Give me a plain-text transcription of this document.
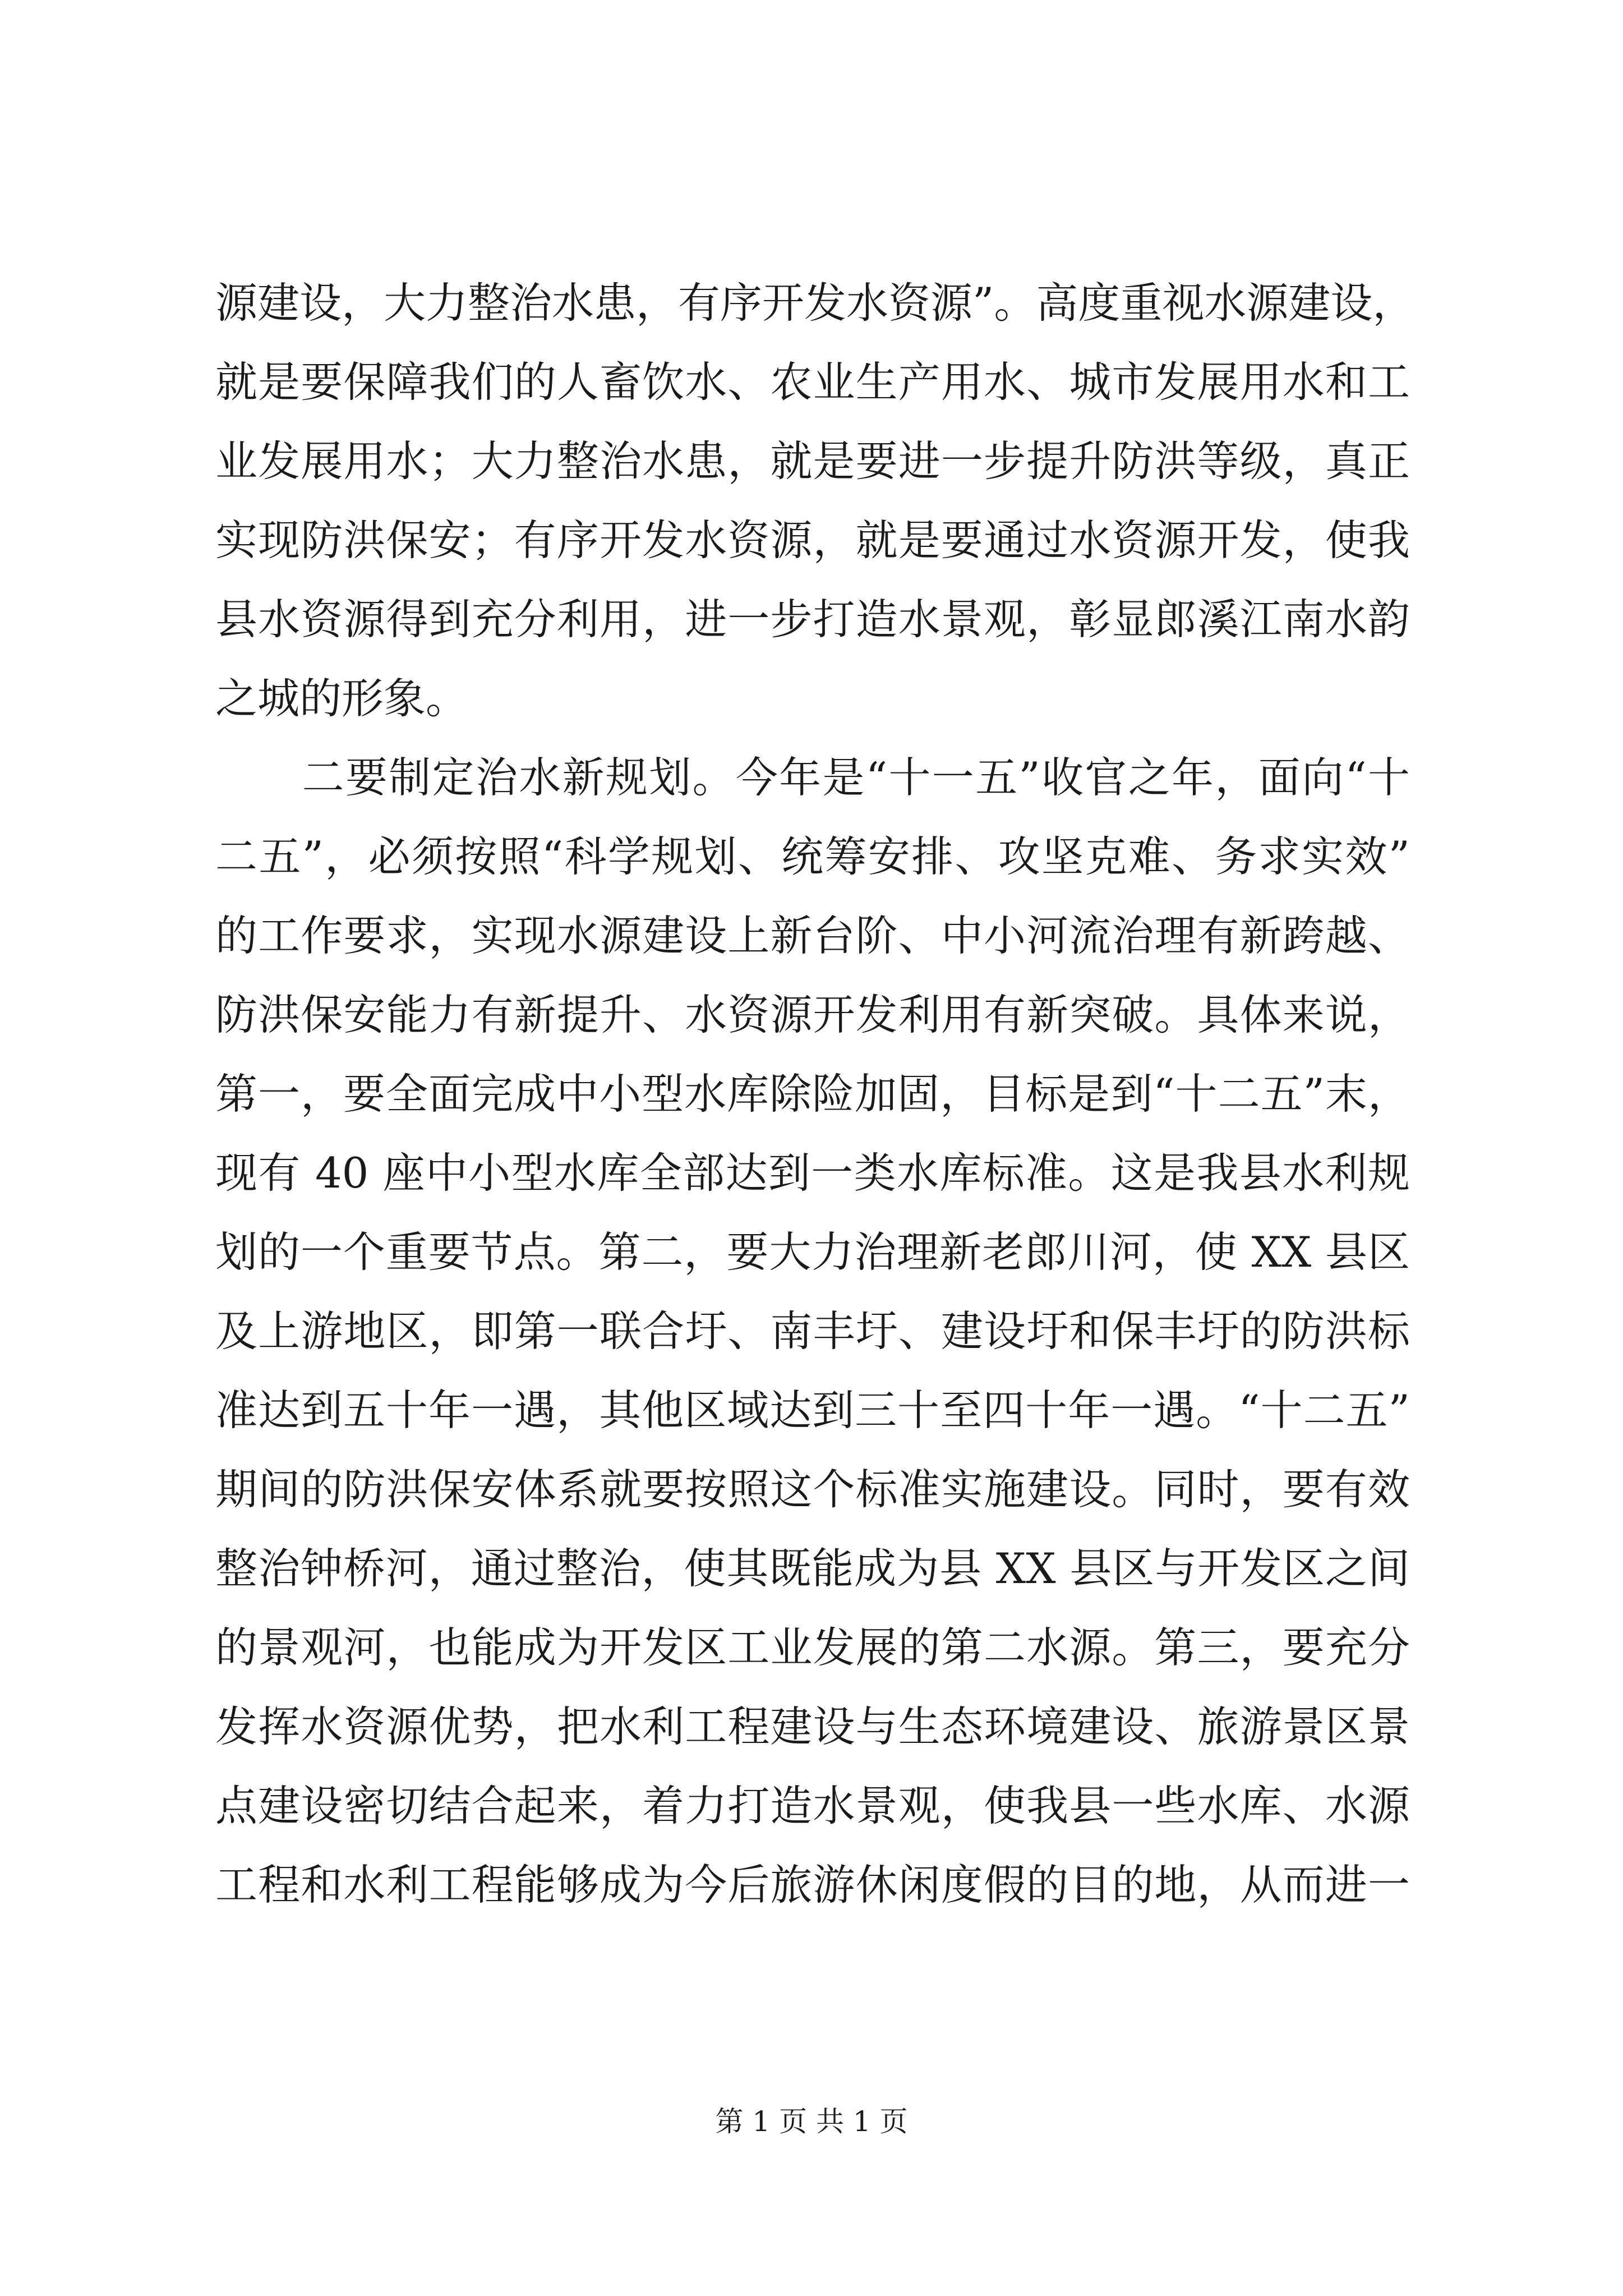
源建设，大力整治水患，有序开发水资源”。高度重视水源建设，
就是要保障我们的人畜饮水、农业生产用水、城市发展用水和工
业发展用水；大力整治水患，就是要进一步提升防洪等级，真正
实现防洪保安；有序开发水资源，就是要通过水资源开发，使我
县水资源得到充分利用，进一步打造水景观，彰显郎溪江南水韵
之城的形象。
　　二要制定治水新规划。今年是“十一五”收官之年，面向“十
二五”，必须按照“科学规划、统筹安排、攻坚克难、务求实效”
的工作要求，实现水源建设上新台阶、中小河流治理有新跨越、
防洪保安能力有新提升、水资源开发利用有新突破。具体来说，
第一，要全面完成中小型水库除险加固，目标是到“十二五”末，
现有 40 座中小型水库全部达到一类水库标准。这是我县水利规
划的一个重要节点。第二，要大力治理新老郎川河，使 XX 县区
及上游地区，即第一联合圩、南丰圩、建设圩和保丰圩的防洪标
准达到五十年一遇，其他区域达到三十至四十年一遇。“十二五”
期间的防洪保安体系就要按照这个标准实施建设。同时，要有效
整治钟桥河，通过整治，使其既能成为县 XX 县区与开发区之间
的景观河，也能成为开发区工业发展的第二水源。第三，要充分
发挥水资源优势，把水利工程建设与生态环境建设、旅游景区景
点建设密切结合起来，着力打造水景观，使我县一些水库、水源
工程和水利工程能够成为今后旅游休闲度假的目的地，从而进一
第 1 页 共 1 页
